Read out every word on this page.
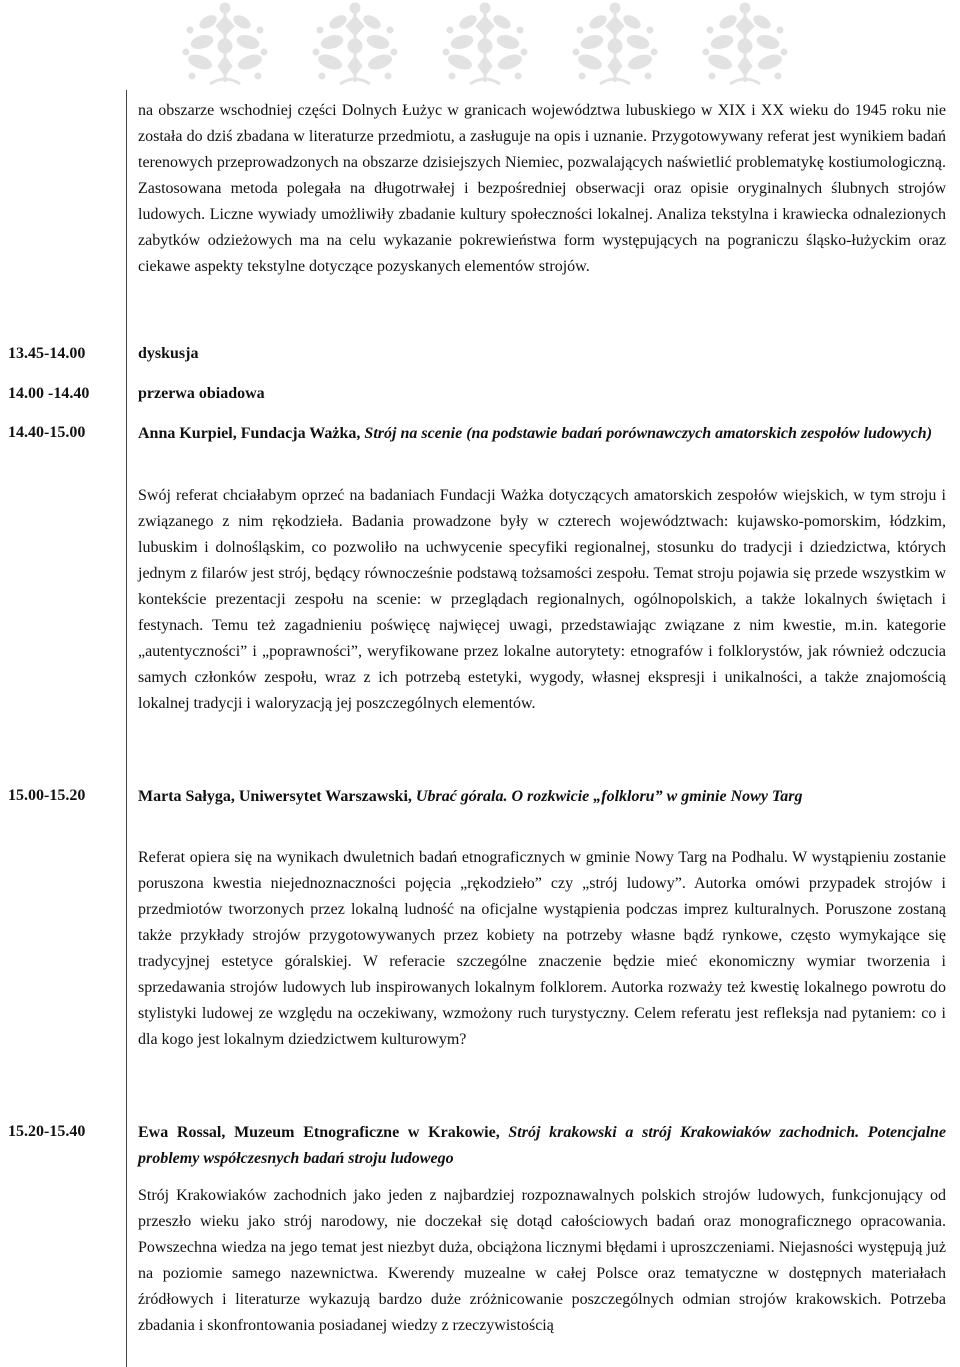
na obszarze wschodniej części Dolnych Łużyc w granicach województwa lubuskiego w XIX i XX wieku do 1945 roku nie została do dziś zbadana w literaturze przedmiotu, a zasługuje na opis i uznanie. Przygotowywany referat jest wynikiem badań terenowych przeprowadzonych na obszarze dzisiejszych Niemiec, pozwalających naświetlić problematykę kostiumologiczną. Zastosowana metoda polegała na długotrwałej i bezpośredniej obserwacji oraz opisie oryginalnych ślubnych strojów ludowych. Liczne wywiady umożliwiły zbadanie kultury społeczności lokalnej. Analiza tekstylna i krawiecka odnalezionych zabytków odzieżowych ma na celu wykazanie pokrewieństwa form występujących na pograniczu śląsko-łużyckim oraz ciekawe aspekty tekstylne dotyczące pozyskanych elementów strojów.
13.45-14.00	dyskusja
14.00 -14.40	przerwa obiadowa
14.40-15.00	Anna Kurpiel, Fundacja Ważka, Strój na scenie (na podstawie badań porównawczych amatorskich zespołów ludowych)
Swój referat chciałabym oprzeć na badaniach Fundacji Ważka dotyczących amatorskich zespołów wiejskich, w tym stroju i związanego z nim rękodzieła. Badania prowadzone były w czterech województwach: kujawsko-pomorskim, łódzkim, lubuskim i dolnośląskim, co pozwoliło na uchwycenie specyfiki regionalnej, stosunku do tradycji i dziedzictwa, których jednym z filarów jest strój, będący równocześnie podstawą tożsamości zespołu. Temat stroju pojawia się przede wszystkim w kontekście prezentacji zespołu na scenie: w przeglądach regionalnych, ogólnopolskich, a także lokalnych świętach i festynach. Temu też zagadnieniu poświęcę najwięcej uwagi, przedstawiając związane z nim kwestie, m.in. kategorie „autentyczności” i „poprawności”, weryfikowane przez lokalne autorytety: etnografów i folklorystów, jak również odczucia samych członków zespołu, wraz z ich potrzebą estetyki, wygody, własnej ekspresji i unikalności, a także znajomością lokalnej tradycji i waloryzacją jej poszczególnych elementów.
15.00-15.20	Marta Sałyga, Uniwersytet Warszawski, Ubrać górala. O rozkwicie „folkloru” w gminie Nowy Targ
Referat opiera się na wynikach dwuletnich badań etnograficznych w gminie Nowy Targ na Podhalu. W wystąpieniu zostanie poruszona kwestia niejednoznaczności pojęcia „rękodzieło” czy „strój ludowy”. Autorka omówi przypadek strojów i przedmiotów tworzonych przez lokalną ludność na oficjalne wystąpienia podczas imprez kulturalnych. Poruszone zostaną także przykłady strojów przygotowywanych przez kobiety na potrzeby własne bądź rynkowe, często wymykające się tradycyjnej estetyce góralskiej. W referacie szczególne znaczenie będzie mieć ekonomiczny wymiar tworzenia i sprzedawania strojów ludowych lub inspirowanych lokalnym folklorem. Autorka rozważy też kwestię lokalnego powrotu do stylistyki ludowej ze względu na oczekiwany, wzmożony ruch turystyczny. Celem referatu jest refleksja nad pytaniem: co i dla kogo jest lokalnym dziedzictwem kulturowym?
15.20-15.40	Ewa Rossal, Muzeum Etnograficzne w Krakowie, Strój krakowski a strój Krakowiaków zachodnich. Potencjalne problemy współczesnych badań stroju ludowego
Strój Krakowiaków zachodnich jako jeden z najbardziej rozpoznawalnych polskich strojów ludowych, funkcjonujący od przeszło wieku jako strój narodowy, nie doczekał się dotąd całościowych badań oraz monograficznego opracowania. Powszechna wiedza na jego temat jest niezbyt duża, obciążona licznymi błędami i uproszczeniami. Niejasności występują już na poziomie samego nazewnictwa. Kwerendy muzealne w całej Polsce oraz tematyczne w dostępnych materiałach źródłowych i literaturze wykazują bardzo duże zróżnicowanie poszczególnych odmian strojów krakowskich. Potrzeba zbadania i skonfrontowania posiadanej wiedzy z rzeczywistością
